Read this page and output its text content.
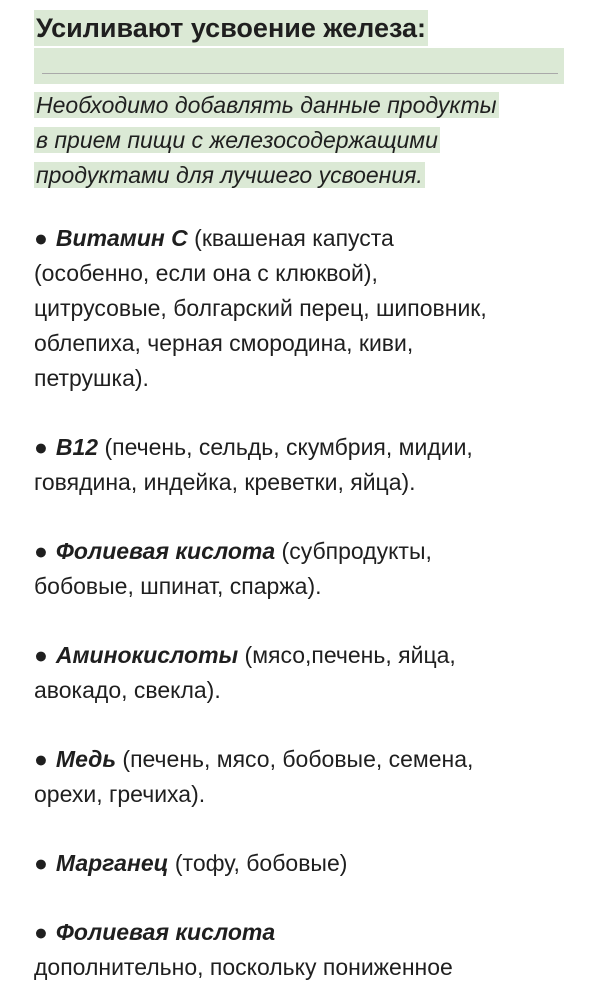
Усиливают усвоение железа:
Необходимо добавлять данные продукты
в прием пищи с железосодержащими
продуктами для лучшего усвоения.

● Витамин С (квашеная капуста
(особенно, если она с клюквой),
цитрусовые, болгарский перец, шиповник,
облепиха, черная смородина, киви,
петрушка).

● В12 (печень, сельдь, скумбрия, мидии,
говядина, индейка, креветки, яйца).

● Фолиевая кислота (субпродукты,
бобовые, шпинат, спаржа).

● Аминокислоты (мясо,печень, яйца,
авокадо, свекла).

● Медь (печень, мясо, бобовые, семена,
орехи, гречиха).

● Марганец (тофу, бобовые)

● Фолиевая кислота
дополнительно, поскольку пониженное
